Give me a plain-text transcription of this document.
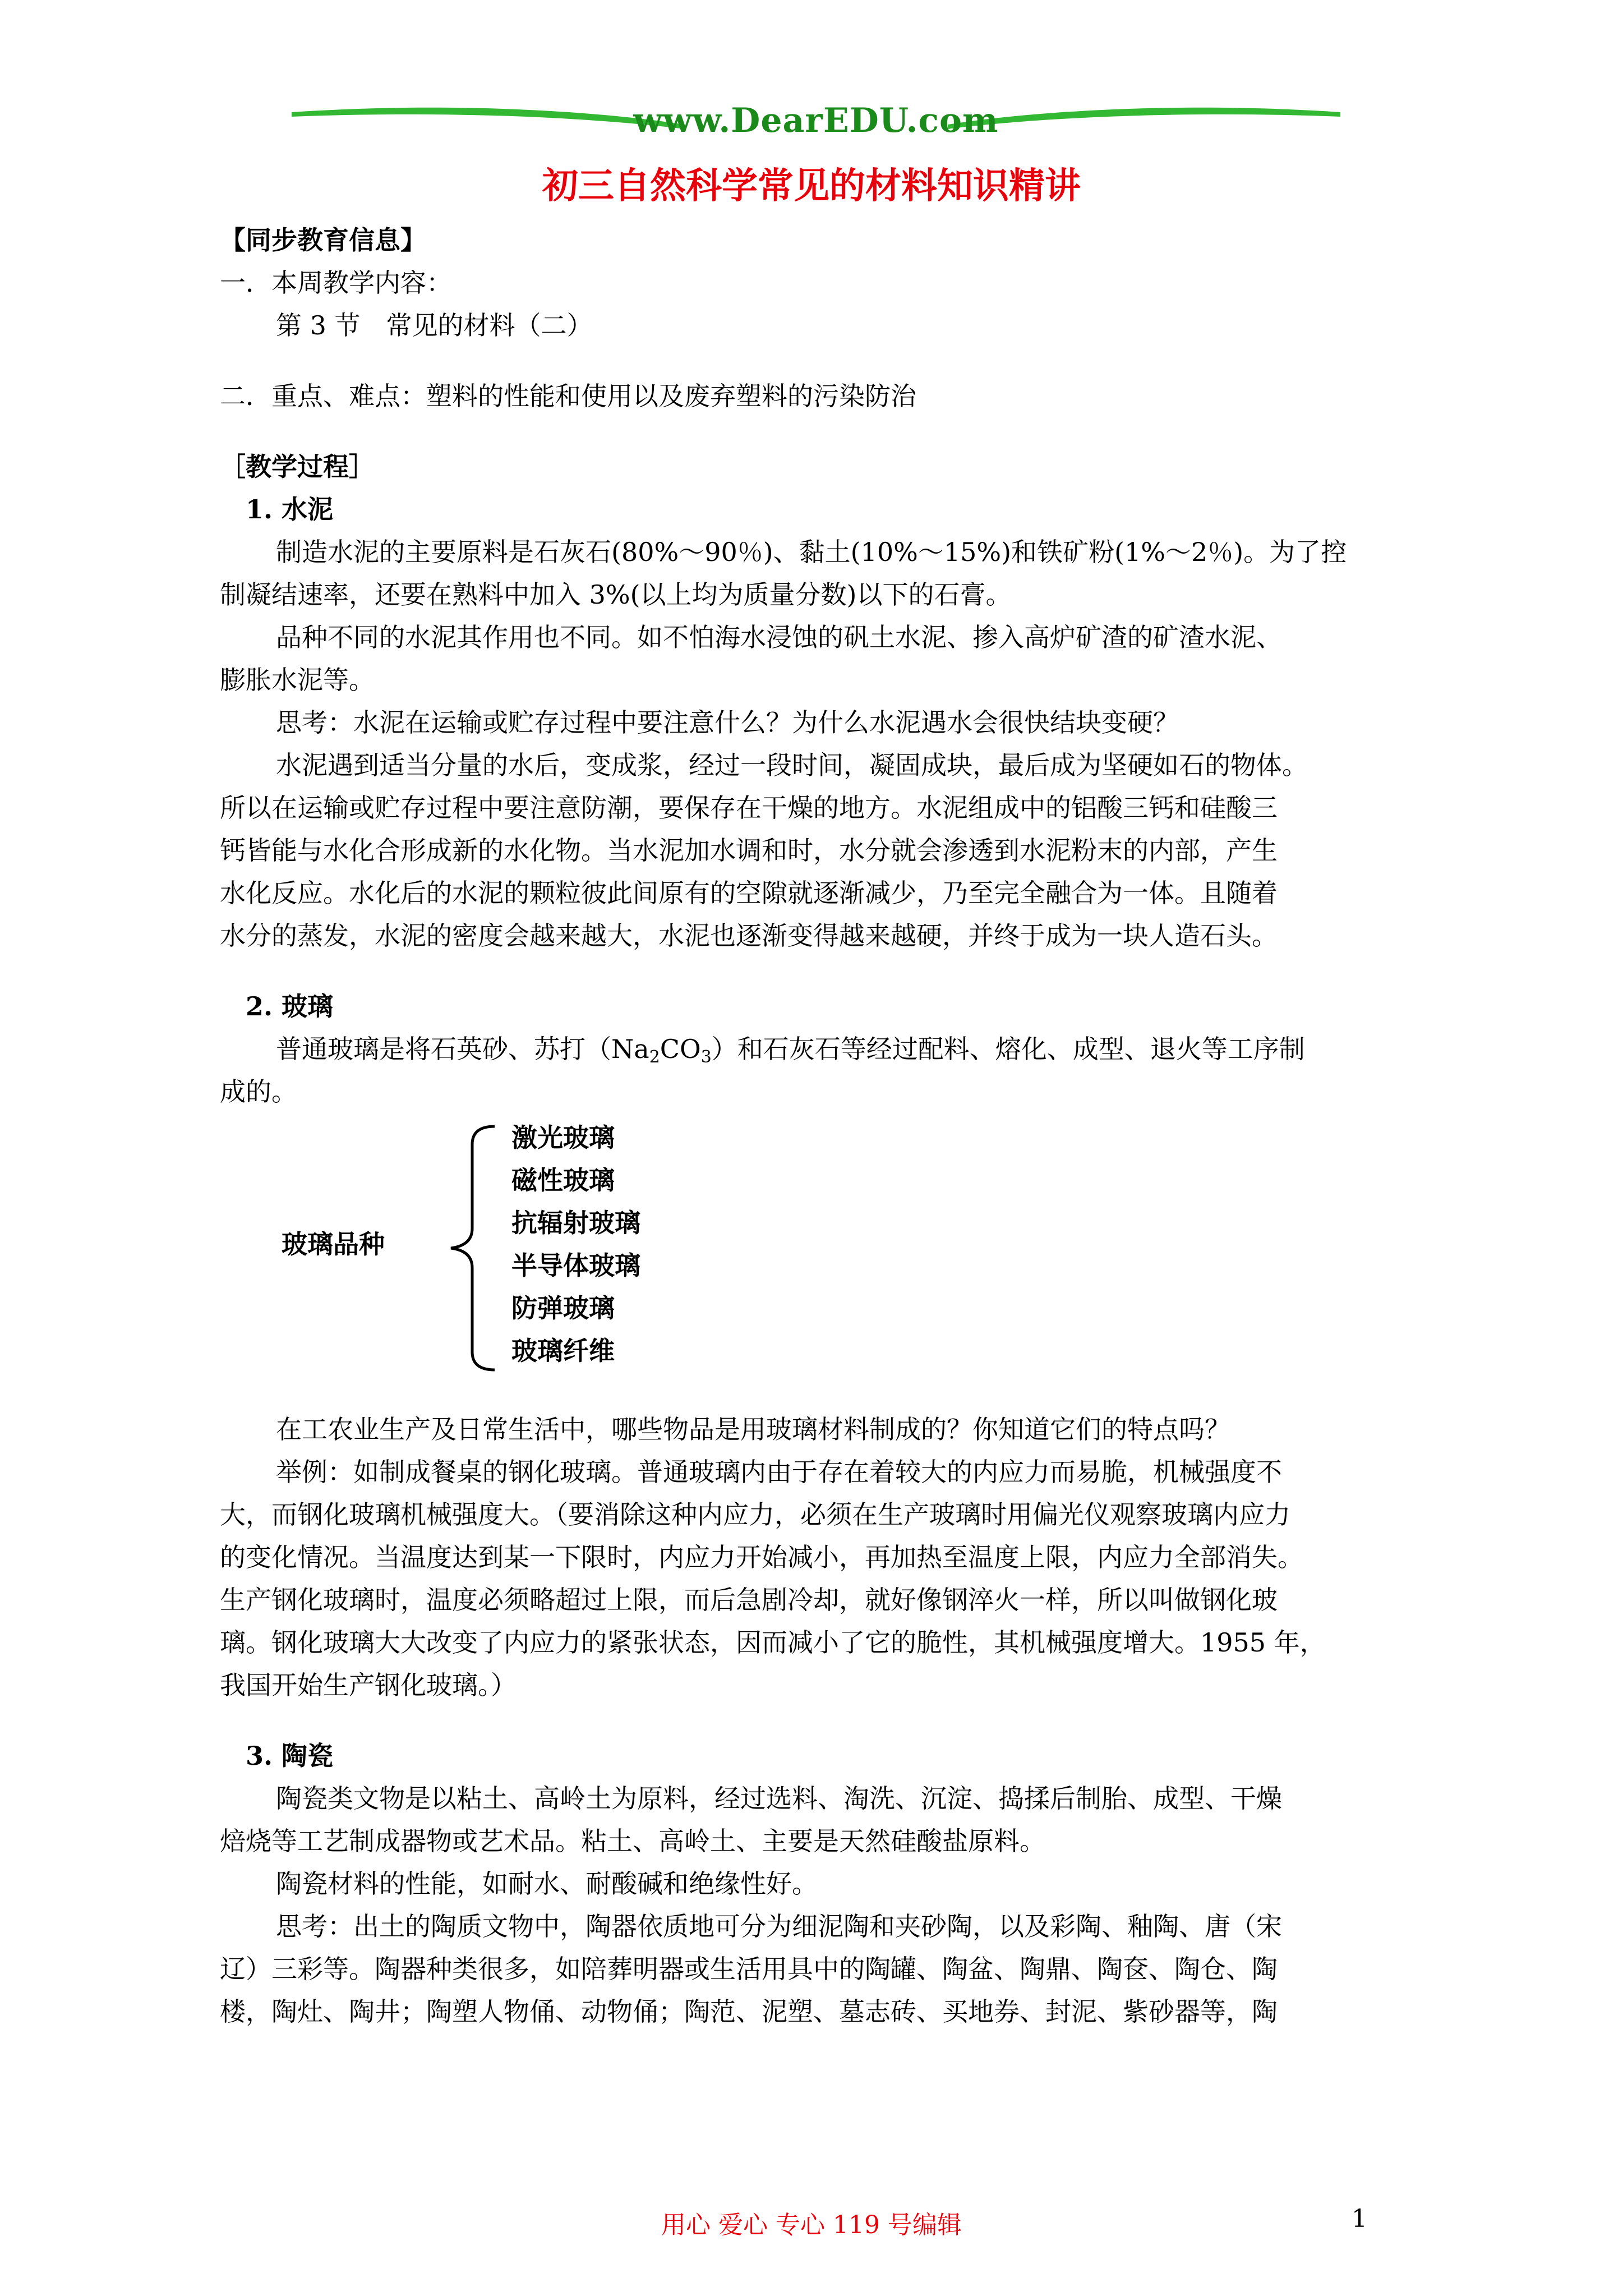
www.DearEDU.com
初三自然科学常见的材料知识精讲
【同步教育信息】
一．本周教学内容：
第 3 节　常见的材料（二）
二．重点、难点：塑料的性能和使用以及废弃塑料的污染防治
［教学过程］
1. 水泥
制造水泥的主要原料是石灰石(80%～90％)、黏土(10%～15%)和铁矿粉(1%～2％)。为了控
制凝结速率，还要在熟料中加入 3%(以上均为质量分数)以下的石膏。
品种不同的水泥其作用也不同。如不怕海水浸蚀的矾土水泥、掺入高炉矿渣的矿渣水泥、
膨胀水泥等。
思考：水泥在运输或贮存过程中要注意什么？为什么水泥遇水会很快结块变硬？
水泥遇到适当分量的水后，变成浆，经过一段时间，凝固成块，最后成为坚硬如石的物体。
所以在运输或贮存过程中要注意防潮，要保存在干燥的地方。水泥组成中的铝酸三钙和硅酸三
钙皆能与水化合形成新的水化物。当水泥加水调和时，水分就会渗透到水泥粉末的内部，产生
水化反应。水化后的水泥的颗粒彼此间原有的空隙就逐渐减少，乃至完全融合为一体。且随着
水分的蒸发，水泥的密度会越来越大，水泥也逐渐变得越来越硬，并终于成为一块人造石头。
2. 玻璃
普通玻璃是将石英砂、苏打$(Na_2CO_3)$和石灰石等经过配料、熔化、成型、退火等工序制
成的。
玻璃品种
激光玻璃
磁性玻璃
抗辐射玻璃
半导体玻璃
防弹玻璃
玻璃纤维
在工农业生产及日常生活中，哪些物品是用玻璃材料制成的？你知道它们的特点吗？
举例：如制成餐桌的钢化玻璃。普通玻璃内由于存在着较大的内应力而易脆，机械强度不
大，而钢化玻璃机械强度大。（要消除这种内应力，必须在生产玻璃时用偏光仪观察玻璃内应力
的变化情况。当温度达到某一下限时，内应力开始减小，再加热至温度上限，内应力全部消失。
生产钢化玻璃时，温度必须略超过上限，而后急剧冷却，就好像钢淬火一样，所以叫做钢化玻
璃。钢化玻璃大大改变了内应力的紧张状态，因而减小了它的脆性，其机械强度增大。1955 年，
我国开始生产钢化玻璃。）
3. 陶瓷
陶瓷类文物是以粘土、高岭土为原料，经过选料、淘洗、沉淀、捣揉后制胎、成型、干燥
焙烧等工艺制成器物或艺术品。粘土、高岭土、主要是天然硅酸盐原料。
陶瓷材料的性能，如耐水、耐酸碱和绝缘性好。
思考：出土的陶质文物中，陶器依质地可分为细泥陶和夹砂陶，以及彩陶、釉陶、唐（宋
辽）三彩等。陶器种类很多，如陪葬明器或生活用具中的陶罐、陶盆、陶鼎、陶奁、陶仓、陶
楼，陶灶、陶井；陶塑人物俑、动物俑；陶范、泥塑、墓志砖、买地券、封泥、紫砂器等，陶
用心 爱心 专心 119 号编辑	1
